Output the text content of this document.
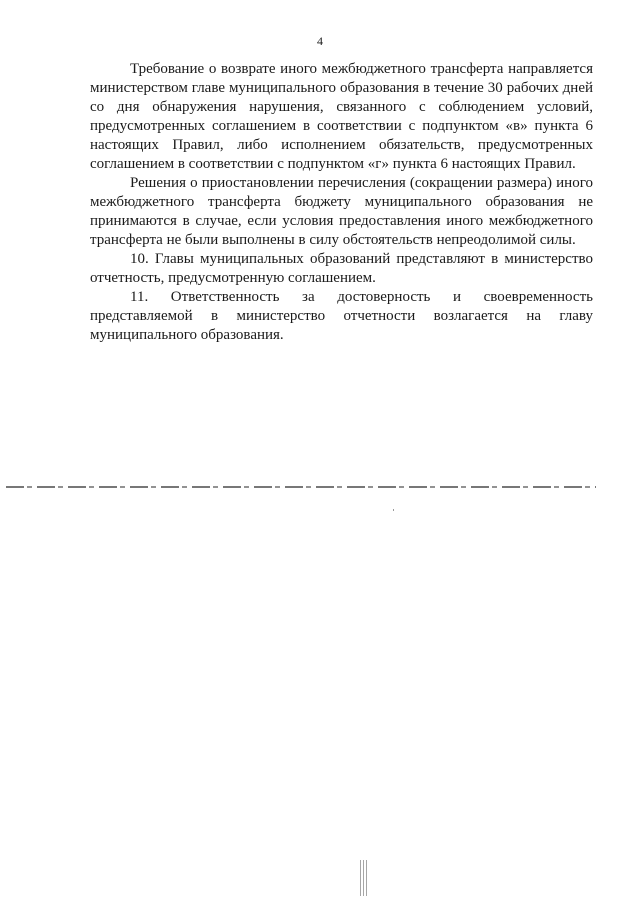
4

Требование о возврате иного межбюджетного трансферта направляется министерством главе муниципального образования в течение 30 рабочих дней со дня обнаружения нарушения, связанного с соблюдением условий, предусмотренных соглашением в соответствии с подпунктом «в» пункта 6 настоящих Правил, либо исполнением обязательств, предусмотренных соглашением в соответствии с подпунктом «г» пункта 6 настоящих Правил.

Решения о приостановлении перечисления (сокращении размера) иного межбюджетного трансферта бюджету муниципального образования не принимаются в случае, если условия предоставления иного межбюджетного трансферта не были выполнены в силу обстоятельств непреодолимой силы.

10. Главы муниципальных образований представляют в министерство отчетность, предусмотренную соглашением.

11. Ответственность за достоверность и своевременность представляемой в министерство отчетности возлагается на главу муниципального образования.
